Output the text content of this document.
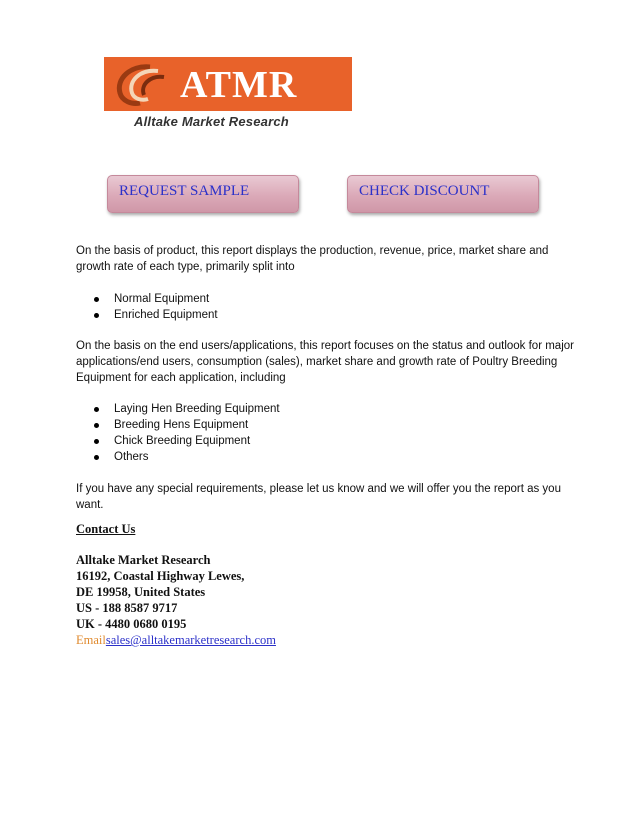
ATMR
Alltake Market Research
REQUEST SAMPLE	CHECK DISCOUNT

On the basis of product, this report displays the production, revenue, price, market share and growth rate of each type, primarily split into

Normal Equipment
Enriched Equipment

On the basis on the end users/applications, this report focuses on the status and outlook for major applications/end users, consumption (sales), market share and growth rate of Poultry Breeding Equipment for each application, including

Laying Hen Breeding Equipment
Breeding Hens Equipment
Chick Breeding Equipment
Others

If you have any special requirements, please let us know and we will offer you the report as you want.

Contact Us
Alltake Market Research
16192, Coastal Highway Lewes,
DE 19958, United States
US - 188 8587 9717
UK - 4480 0680 0195
Emailsales@alltakemarketresearch.com
